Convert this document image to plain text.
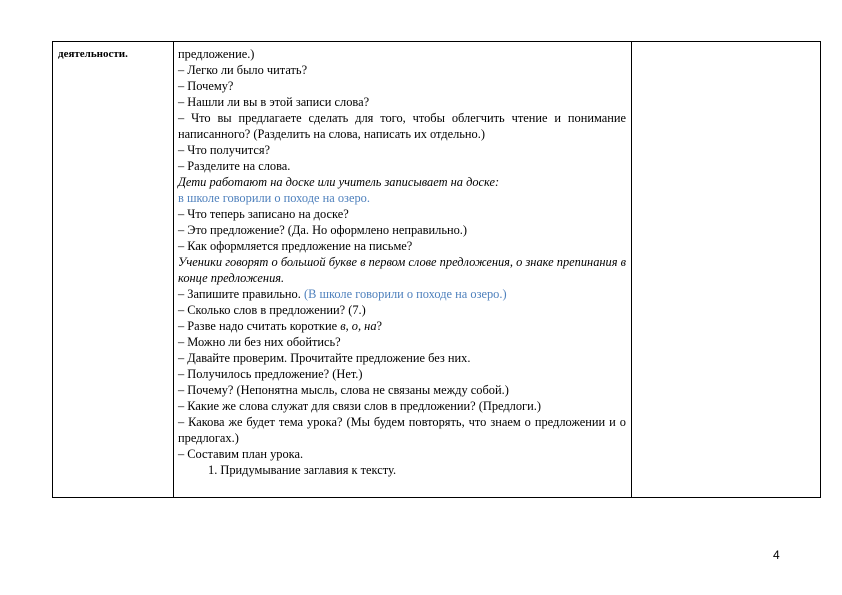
деятельности.	предложение.)

– Легко ли было читать?

– Почему?

– Нашли ли вы в этой записи слова?

– Что вы предлагаете сделать для того, чтобы облегчить чтение и понимание написанного? (Разделить на слова, написать их отдельно.)

– Что получится?

– Разделите на слова.

Дети работают на доске или учитель записывает на доске:

в школе говорили о походе на озеро.

– Что теперь записано на доске?

– Это предложение? (Да. Но оформлено неправильно.)

– Как оформляется предложение на письме?

Ученики говорят о большой букве в первом слове предложения, о знаке препинания в конце предложения.

– Запишите правильно. (В школе говорили о походе на озеро.)

– Сколько слов в предложении? (7.)

– Разве надо считать короткие в, о, на?

– Можно ли без них обойтись?

– Давайте проверим. Прочитайте предложение без них.

– Получилось предложение? (Нет.)

– Почему? (Непонятна мысль, слова не связаны между собой.)

– Какие же слова служат для связи слов в предложении? (Предлоги.)

– Какова же будет тема урока? (Мы будем повторять, что знаем о предложении и о предлогах.)

– Составим план урока.

1. Придумывание заглавия к тексту.

4
